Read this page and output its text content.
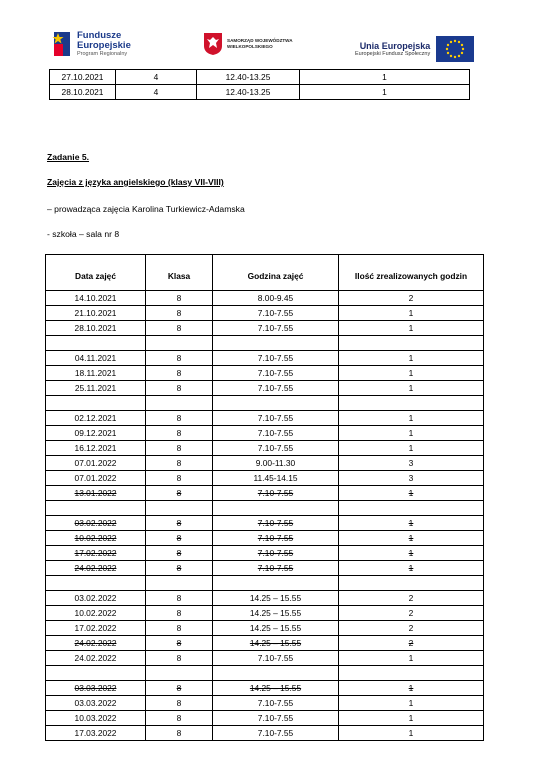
Fundusze
Europejskie
Program Regionalny
SAMORZĄD WOJEWÓDZTWA
WIELKOPOLSKIEGO	Unia Europejska
Europejski Fundusz Społeczny
27.10.2021	4	12.40-13.25	1
28.10.2021	4	12.40-13.25	1
Zadanie 5.
Zajęcia z języka angielskiego (klasy VII-VIII)
– prowadząca zajęcia Karolina Turkiewicz-Adamska
- szkoła – sala nr 8
Data zajęć	Klasa	Godzina zajęć	Ilość zrealizowanych godzin
14.10.2021	8	8.00-9.45	2
21.10.2021	8	7.10-7.55	1
28.10.2021	8	7.10-7.55	1

04.11.2021	8	7.10-7.55	1
18.11.2021	8	7.10-7.55	1
25.11.2021	8	7.10-7.55	1

02.12.2021	8	7.10-7.55	1
09.12.2021	8	7.10-7.55	1
16.12.2021	8	7.10-7.55	1
07.01.2022	8	9.00-11.30	3
07.01.2022	8	11.45-14.15	3
13.01.2022	8	7.10-7.55	1

03.02.2022	8	7.10-7.55	1
10.02.2022	8	7.10-7.55	1
17.02.2022	8	7.10-7.55	1
24.02.2022	8	7.10-7.55	1

03.02.2022	8	14.25 – 15.55	2
10.02.2022	8	14.25 – 15.55	2
17.02.2022	8	14.25 – 15.55	2
24.02.2022	8	14.25 – 15.55	2
24.02.2022	8	7.10-7.55	1

03.03.2022	8	14.25 – 15.55	1
03.03.2022	8	7.10-7.55	1
10.03.2022	8	7.10-7.55	1
17.03.2022	8	7.10-7.55	1
